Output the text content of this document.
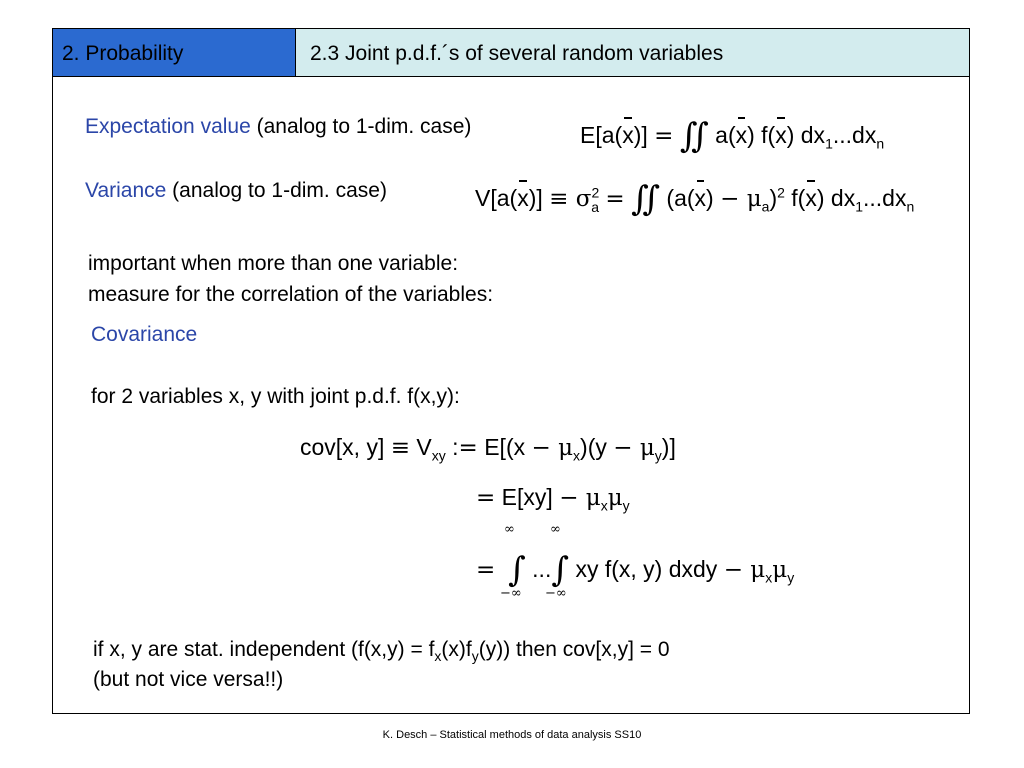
2. Probability	2.3 Joint p.d.f.´s of several random variables
Expectation value (analog to 1-dim. case)	E[a(x)] = ∬ a(x) f(x) $dx_1...dx_n$
Variance (analog to 1-dim. case)	$V[a(x)] \equiv \sigma^2_a$ = ∬ $(a(x) - \mu_a)^2$ f(x) $dx_1...dx_n$
important when more than one variable:
measure for the correlation of the variables:
Covariance
for 2 variables x, y with joint p.d.f. f(x,y):
cov[x, $y] \equiv V_{xy}$ := $E[(x - \mu_x)(y - \mu_y)]$
= $E[xy] - \mu_x\mu_y$
= ∫ ...∫ xy f(x, y) dxdy − $\mu_x\mu_y$
∞
−∞
∞
−∞
if x, y are stat. independent $(f(x,y) = f_x(x)f_y(y))$ then cov[x,y] = 0
(but not vice versa!!)
K. Desch – Statistical methods of data analysis SS10
